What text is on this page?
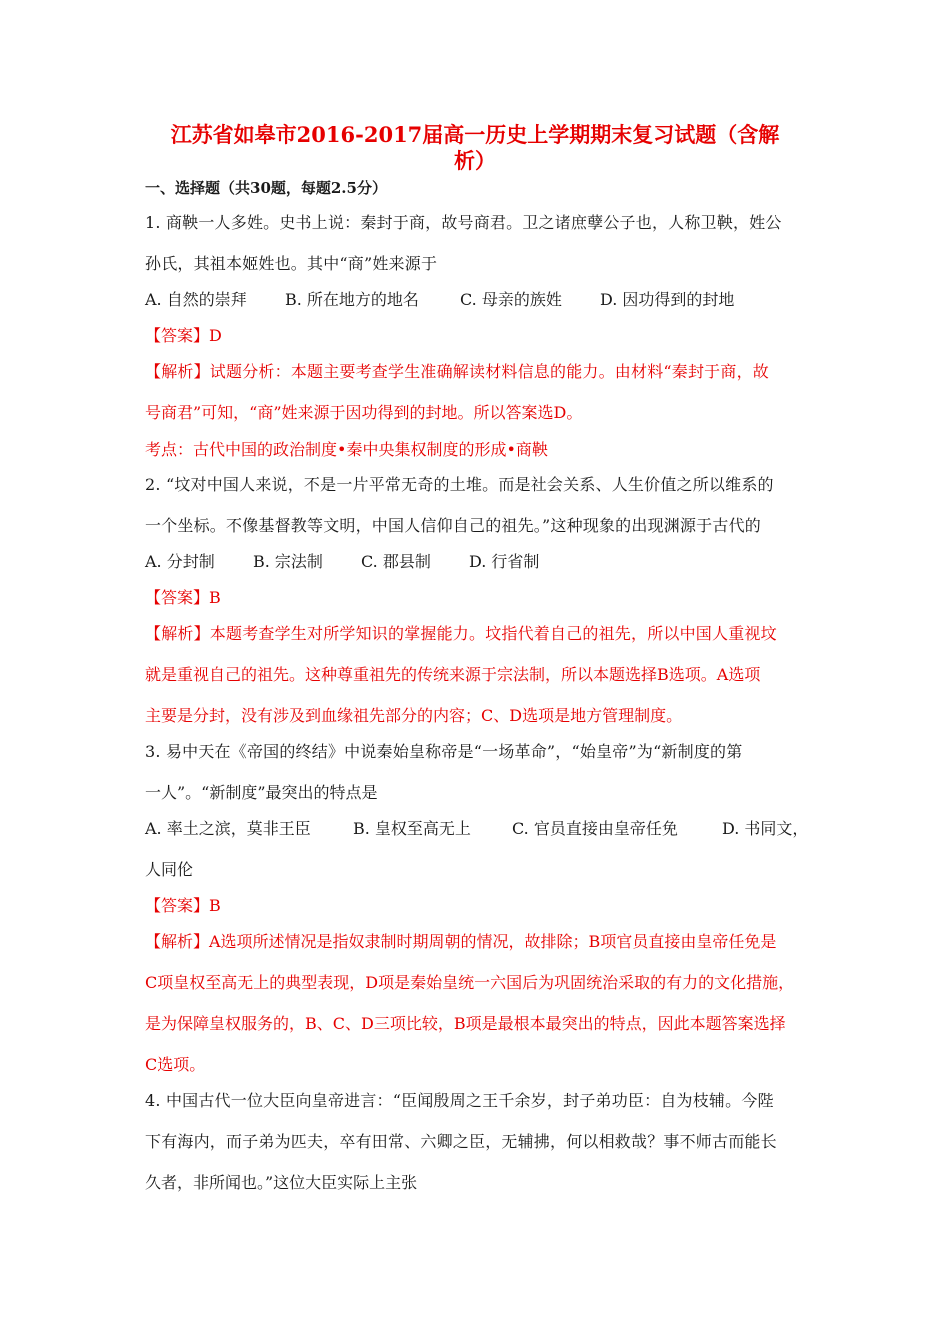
江苏省如皋市2016-2017届高一历史上学期期末复习试题（含解
析）
一、选择题（共30题，每题2.5分）
1. 商鞅一人多姓。史书上说：秦封于商，故号商君。卫之诸庶孽公子也，人称卫鞅，姓公
孙氏，其祖本姬姓也。其中“商”姓来源于
A. 自然的崇拜 B. 所在地方的地名	C. 母亲的族姓 D. 因功得到的封地
【答案】D
【解析】试题分析：本题主要考查学生准确解读材料信息的能力。由材料“秦封于商，故
号商君”可知，“商”姓来源于因功得到的封地。所以答案选D。
考点：古代中国的政治制度•秦中央集权制度的形成•商鞅
2. “坟对中国人来说，不是一片平常无奇的土堆。而是社会关系、人生价值之所以维系的
一个坐标。不像基督教等文明，中国人信仰自己的祖先。”这种现象的出现渊源于古代的
A. 分封制 B. 宗法制 C. 郡县制 D. 行省制
【答案】B
【解析】本题考查学生对所学知识的掌握能力。坟指代着自己的祖先，所以中国人重视坟
就是重视自己的祖先。这种尊重祖先的传统来源于宗法制，所以本题选择B选项。A选项
主要是分封，没有涉及到血缘祖先部分的内容；C、D选项是地方管理制度。
3. 易中天在《帝国的终结》中说秦始皇称帝是“一场革命”，“始皇帝”为“新制度的第
一人”。“新制度”最突出的特点是
A. 率土之滨，莫非王臣	B. 皇权至高无上	C. 官员直接由皇帝任免	D. 书同文，
人同伦
【答案】B
【解析】A选项所述情况是指奴隶制时期周朝的情况，故排除；B项官员直接由皇帝任免是
C项皇权至高无上的典型表现，D项是秦始皇统一六国后为巩固统治采取的有力的文化措施，
是为保障皇权服务的，B、C、D三项比较，B项是最根本最突出的特点，因此本题答案选择
C选项。
4. 中国古代一位大臣向皇帝进言：“臣闻殷周之王千余岁，封子弟功臣：自为枝辅。今陛
下有海内，而子弟为匹夫，卒有田常、六卿之臣，无辅拂，何以相救哉？事不师古而能长
久者，非所闻也。”这位大臣实际上主张
